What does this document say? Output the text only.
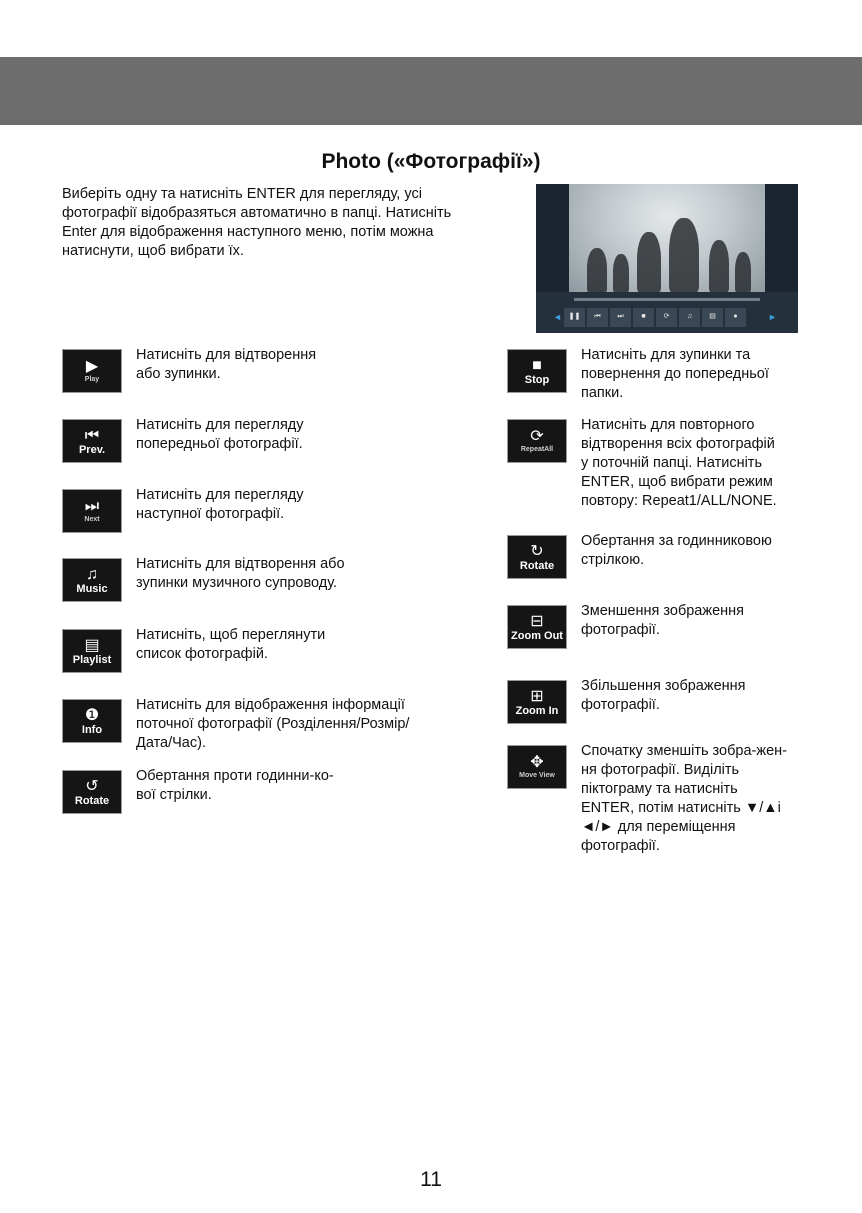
Photo («Фотографії»)

Виберіть одну та натисніть ENTER для перегляду, усі

фотографії відобразяться автоматично в папці. Натисніть

Enter для відображення наступного меню, потім можна

натиснути, щоб вибрати їх.

◄	►
❚❚	⏮	⏭	■	⟳	♫	▤	●
▶
Play
Натисніть для відтворення
або зупинки.
⏮
Prev.
Натисніть для перегляду
попередньої фотографії.
⏭
Next
Натисніть для перегляду
наступної фотографії.
♫
Music
Натисніть для відтворення або
зупинки музичного супроводу.
▤
Playlist
Натисніть, щоб переглянути
список фотографій.
❶
Info
Натисніть для відображення інформації
поточної фотографії (Розділення/Розмір/
Дата/Час).
↺
Rotate
Обертання проти годинни-ко-
вої стрілки.
■
Stop
Натисніть для зупинки та
повернення до попередньої
папки.
⟳
RepeatAll
Натисніть для повторного
відтворення всіх фотографій
у поточній папці. Натисніть
ENTER, щоб вибрати режим
повтору: Repeat1/ALL/NONE.
↻
Rotate
Обертання за годинниковою
стрілкою.
⊟
Zoom Out
Зменшення зображення
фотографії.
⊞
Zoom In
Збільшення зображення
фотографії.
✥
Move View
Спочатку зменшіть зобра-жен-
ня фотографії. Виділіть
піктограму та натисніть
ENTER, потім натисніть ▼/▲і
◄/► для переміщення
фотографії.
11
